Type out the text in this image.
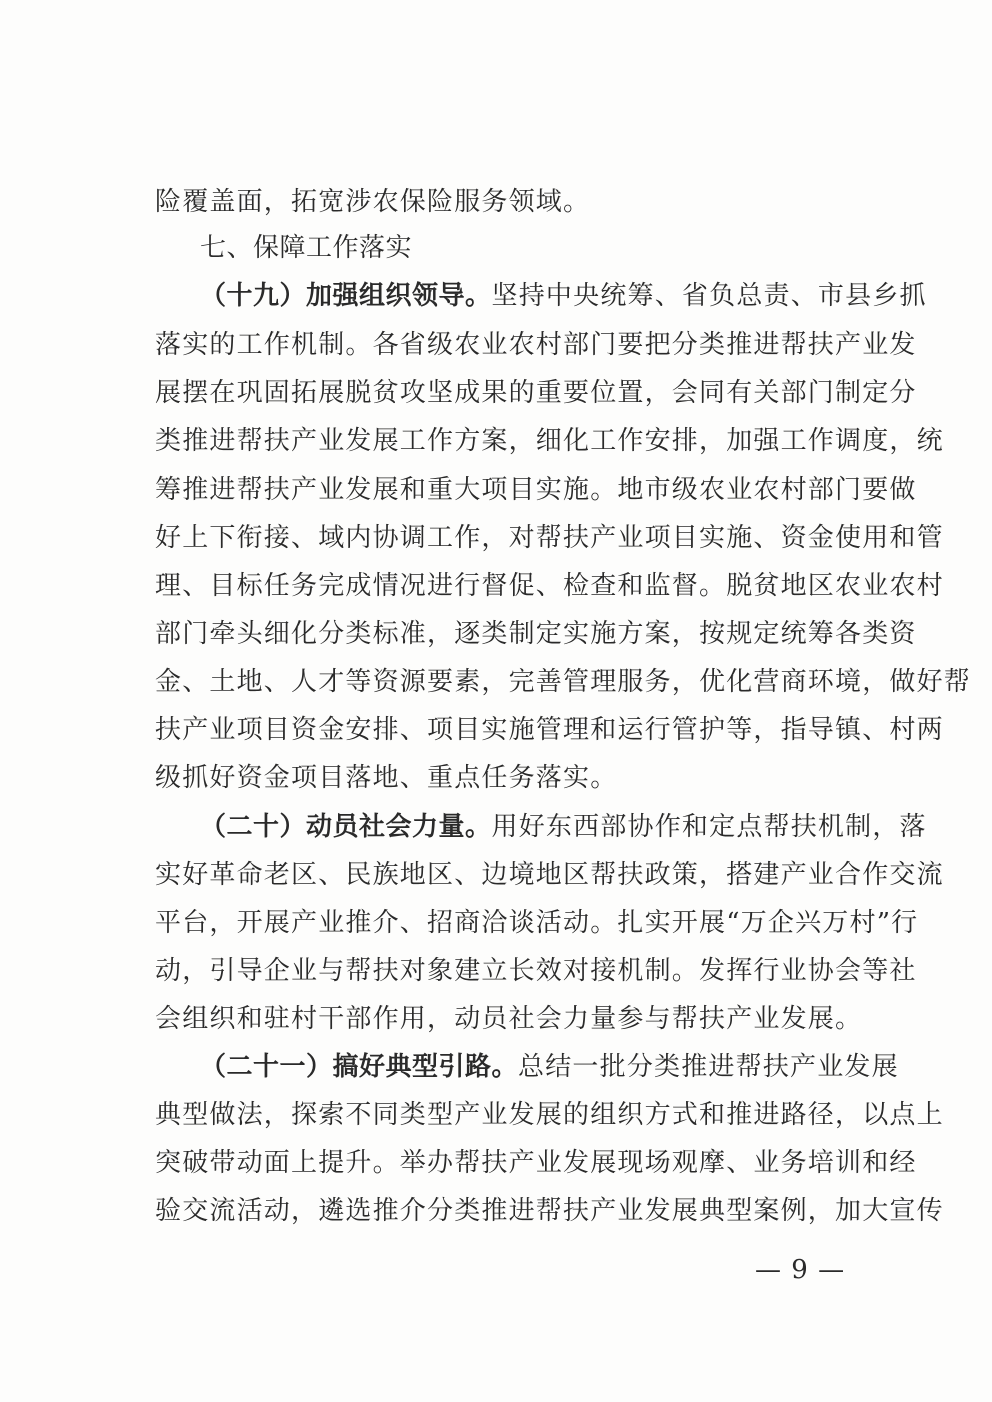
险覆盖面，拓宽涉农保险服务领域。
七、保障工作落实
（十九）加强组织领导。坚持中央统筹、省负总责、市县乡抓
落实的工作机制。各省级农业农村部门要把分类推进帮扶产业发
展摆在巩固拓展脱贫攻坚成果的重要位置，会同有关部门制定分
类推进帮扶产业发展工作方案，细化工作安排，加强工作调度，统
筹推进帮扶产业发展和重大项目实施。地市级农业农村部门要做
好上下衔接、域内协调工作，对帮扶产业项目实施、资金使用和管
理、目标任务完成情况进行督促、检查和监督。脱贫地区农业农村
部门牵头细化分类标准，逐类制定实施方案，按规定统筹各类资
金、土地、人才等资源要素，完善管理服务，优化营商环境，做好帮
扶产业项目资金安排、项目实施管理和运行管护等，指导镇、村两
级抓好资金项目落地、重点任务落实。
（二十）动员社会力量。用好东西部协作和定点帮扶机制，落
实好革命老区、民族地区、边境地区帮扶政策，搭建产业合作交流
平台，开展产业推介、招商洽谈活动。扎实开展“万企兴万村”行
动，引导企业与帮扶对象建立长效对接机制。发挥行业协会等社
会组织和驻村干部作用，动员社会力量参与帮扶产业发展。
（二十一）搞好典型引路。总结一批分类推进帮扶产业发展
典型做法，探索不同类型产业发展的组织方式和推进路径，以点上
突破带动面上提升。举办帮扶产业发展现场观摩、业务培训和经
验交流活动，遴选推介分类推进帮扶产业发展典型案例，加大宣传
— 9 —
